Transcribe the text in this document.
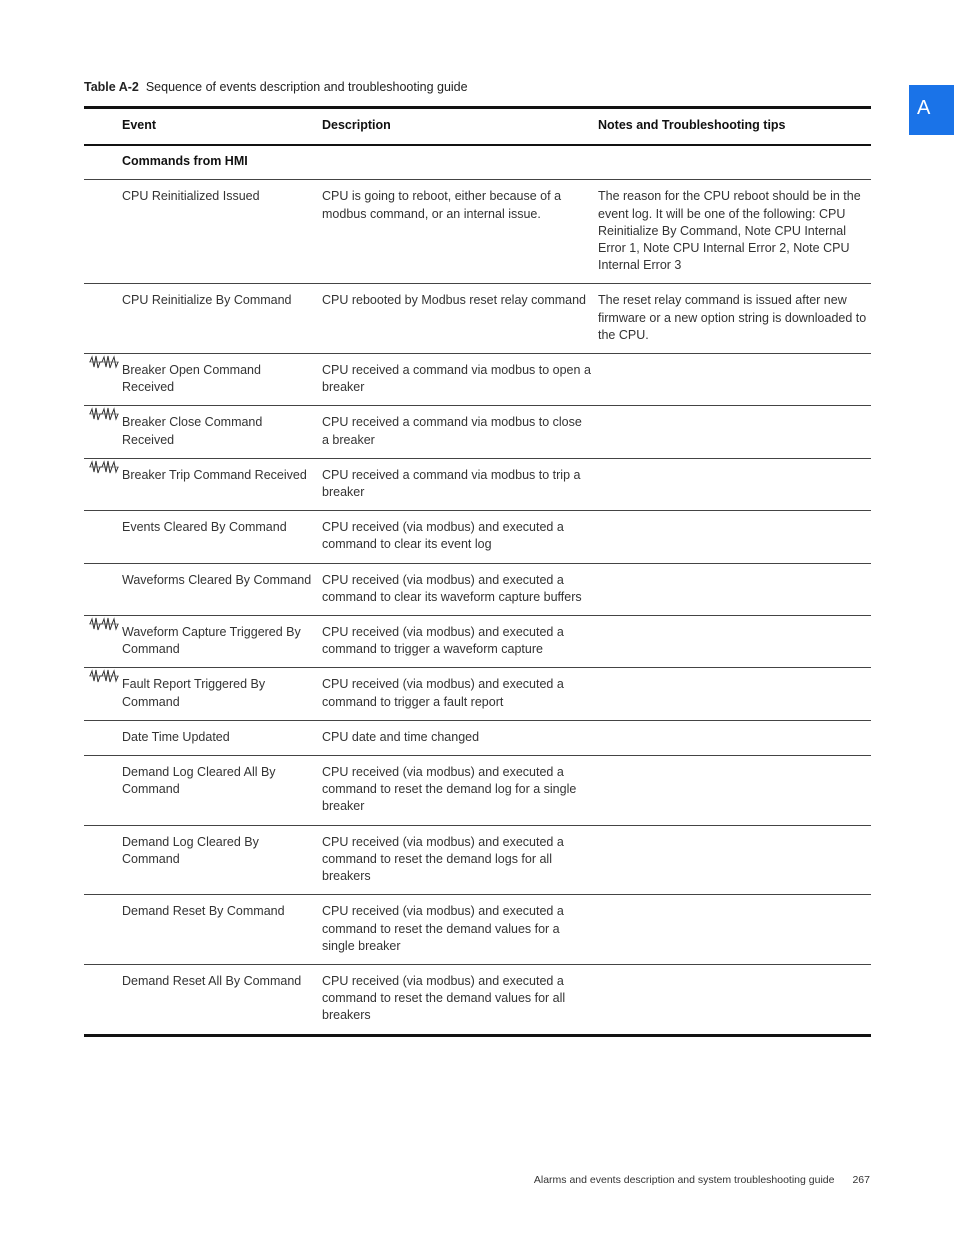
Table A-2 Sequence of events description and troubleshooting guide
A
	Event	Description	Notes and Troubleshooting tips
	Commands from HMI		
	CPU Reinitialized Issued	CPU is going to reboot, either because of a modbus command, or an internal issue.	The reason for the CPU reboot should be in the event log. It will be one of the following: CPU Reinitialize By Command, Note CPU Internal Error 1, Note CPU Internal Error 2, Note CPU Internal Error 3
	CPU Reinitialize By Command	CPU rebooted by Modbus reset relay command	The reset relay command is issued after new firmware or a new option string is downloaded to the CPU.

	Breaker Open Command Received	CPU received a command via modbus to open a breaker	

	Breaker Close Command Received	CPU received a command via modbus to close a breaker	

	Breaker Trip Command Received	CPU received a command via modbus to trip a breaker	
	Events Cleared By Command	CPU received (via modbus) and executed a command to clear its event log	
	Waveforms Cleared By Command	CPU received (via modbus) and executed a command to clear its waveform capture buffers	

	Waveform Capture Triggered By Command	CPU received (via modbus) and executed a command to trigger a waveform capture	

	Fault Report Triggered By Command	CPU received (via modbus) and executed a command to trigger a fault report	
	Date Time Updated	CPU date and time changed	
	Demand Log Cleared All By Command	CPU received (via modbus) and executed a command to reset the demand log for a single breaker	
	Demand Log Cleared By Command	CPU received (via modbus) and executed a command to reset the demand logs for all breakers	
	Demand Reset By Command	CPU received (via modbus) and executed a command to reset the demand values for a single breaker	
	Demand Reset All By Command	CPU received (via modbus) and executed a command to reset the demand values for all breakers	
Alarms and events description and system troubleshooting guide 267
